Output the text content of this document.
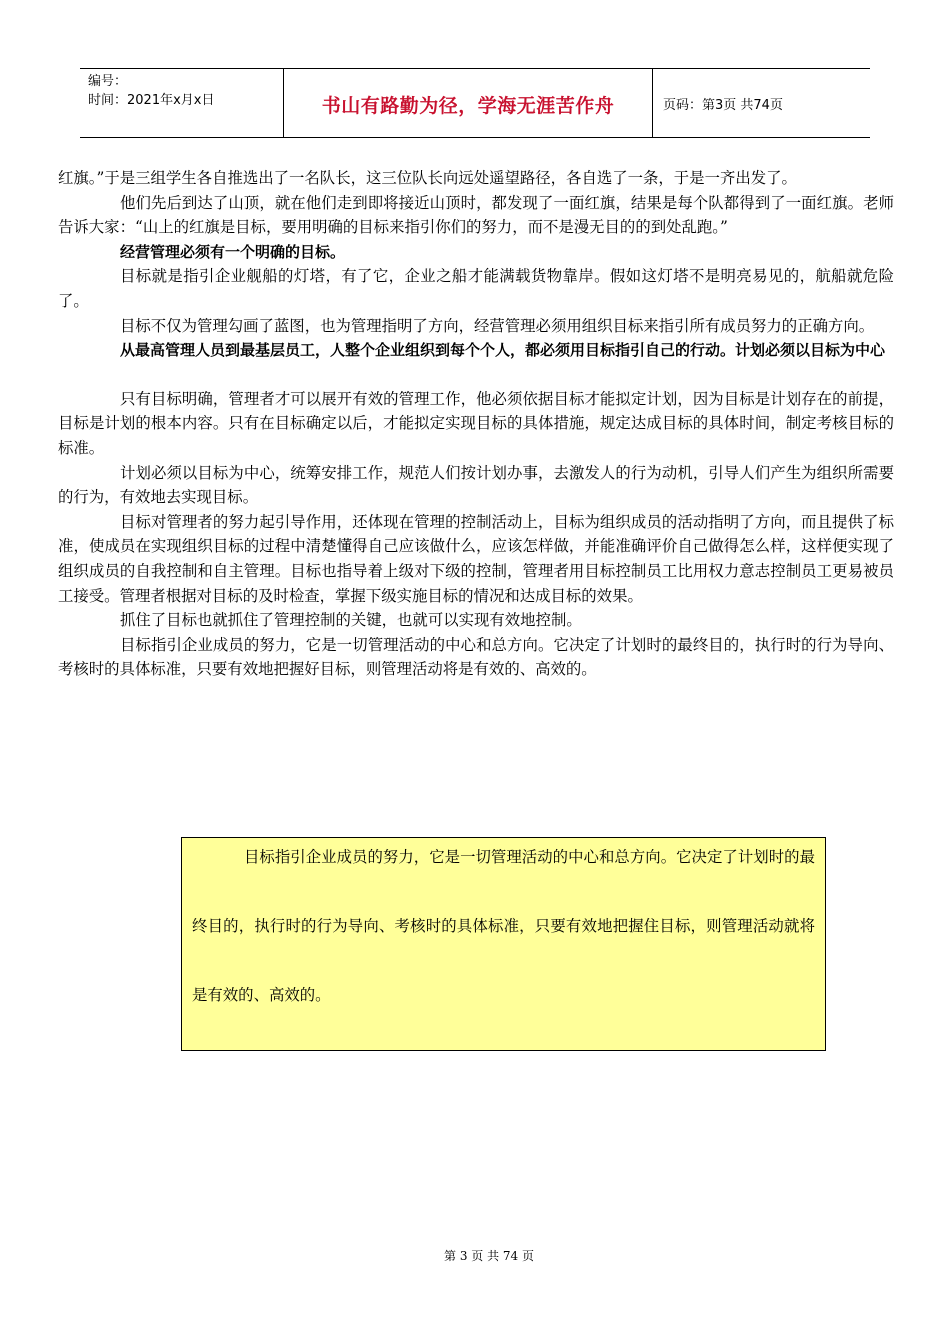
编号：
时间：2021年x月x日	书山有路勤为径，学海无涯苦作舟	页码：第3页 共74页

红旗。”于是三组学生各自推选出了一名队长，这三位队长向远处遥望路径，各自选了一条，于是一齐出发了。

他们先后到达了山顶，就在他们走到即将接近山顶时，都发现了一面红旗，结果是每个队都得到了一面红旗。老师告诉大家：“山上的红旗是目标，要用明确的目标来指引你们的努力，而不是漫无目的的到处乱跑。”

经营管理必须有一个明确的目标。

目标就是指引企业舰船的灯塔，有了它，企业之船才能满载货物靠岸。假如这灯塔不是明亮易见的，航船就危险了。

目标不仅为管理勾画了蓝图，也为管理指明了方向，经营管理必须用组织目标来指引所有成员努力的正确方向。

从最高管理人员到最基层员工，人整个企业组织到每个个人，都必须用目标指引自己的行动。计划必须以目标为中心

只有目标明确，管理者才可以展开有效的管理工作，他必须依据目标才能拟定计划，因为目标是计划存在的前提，目标是计划的根本内容。只有在目标确定以后，才能拟定实现目标的具体措施，规定达成目标的具体时间，制定考核目标的标准。

计划必须以目标为中心，统筹安排工作，规范人们按计划办事，去激发人的行为动机，引导人们产生为组织所需要的行为，有效地去实现目标。

目标对管理者的努力起引导作用，还体现在管理的控制活动上，目标为组织成员的活动指明了方向，而且提供了标准，使成员在实现组织目标的过程中清楚懂得自己应该做什么，应该怎样做，并能准确评价自己做得怎么样，这样便实现了组织成员的自我控制和自主管理。目标也指导着上级对下级的控制，管理者用目标控制员工比用权力意志控制员工更易被员工接受。管理者根据对目标的及时检查，掌握下级实施目标的情况和达成目标的效果。

抓住了目标也就抓住了管理控制的关键，也就可以实现有效地控制。

目标指引企业成员的努力，它是一切管理活动的中心和总方向。它决定了计划时的最终目的，执行时的行为导向、考核时的具体标准，只要有效地把握好目标，则管理活动将是有效的、高效的。

目标指引企业成员的努力，它是一切管理活动的中心和总方向。它决定了计划时的最终目的，执行时的行为导向、考核时的具体标准，只要有效地把握住目标，则管理活动就将是有效的、高效的。

第 3 页 共 74 页
